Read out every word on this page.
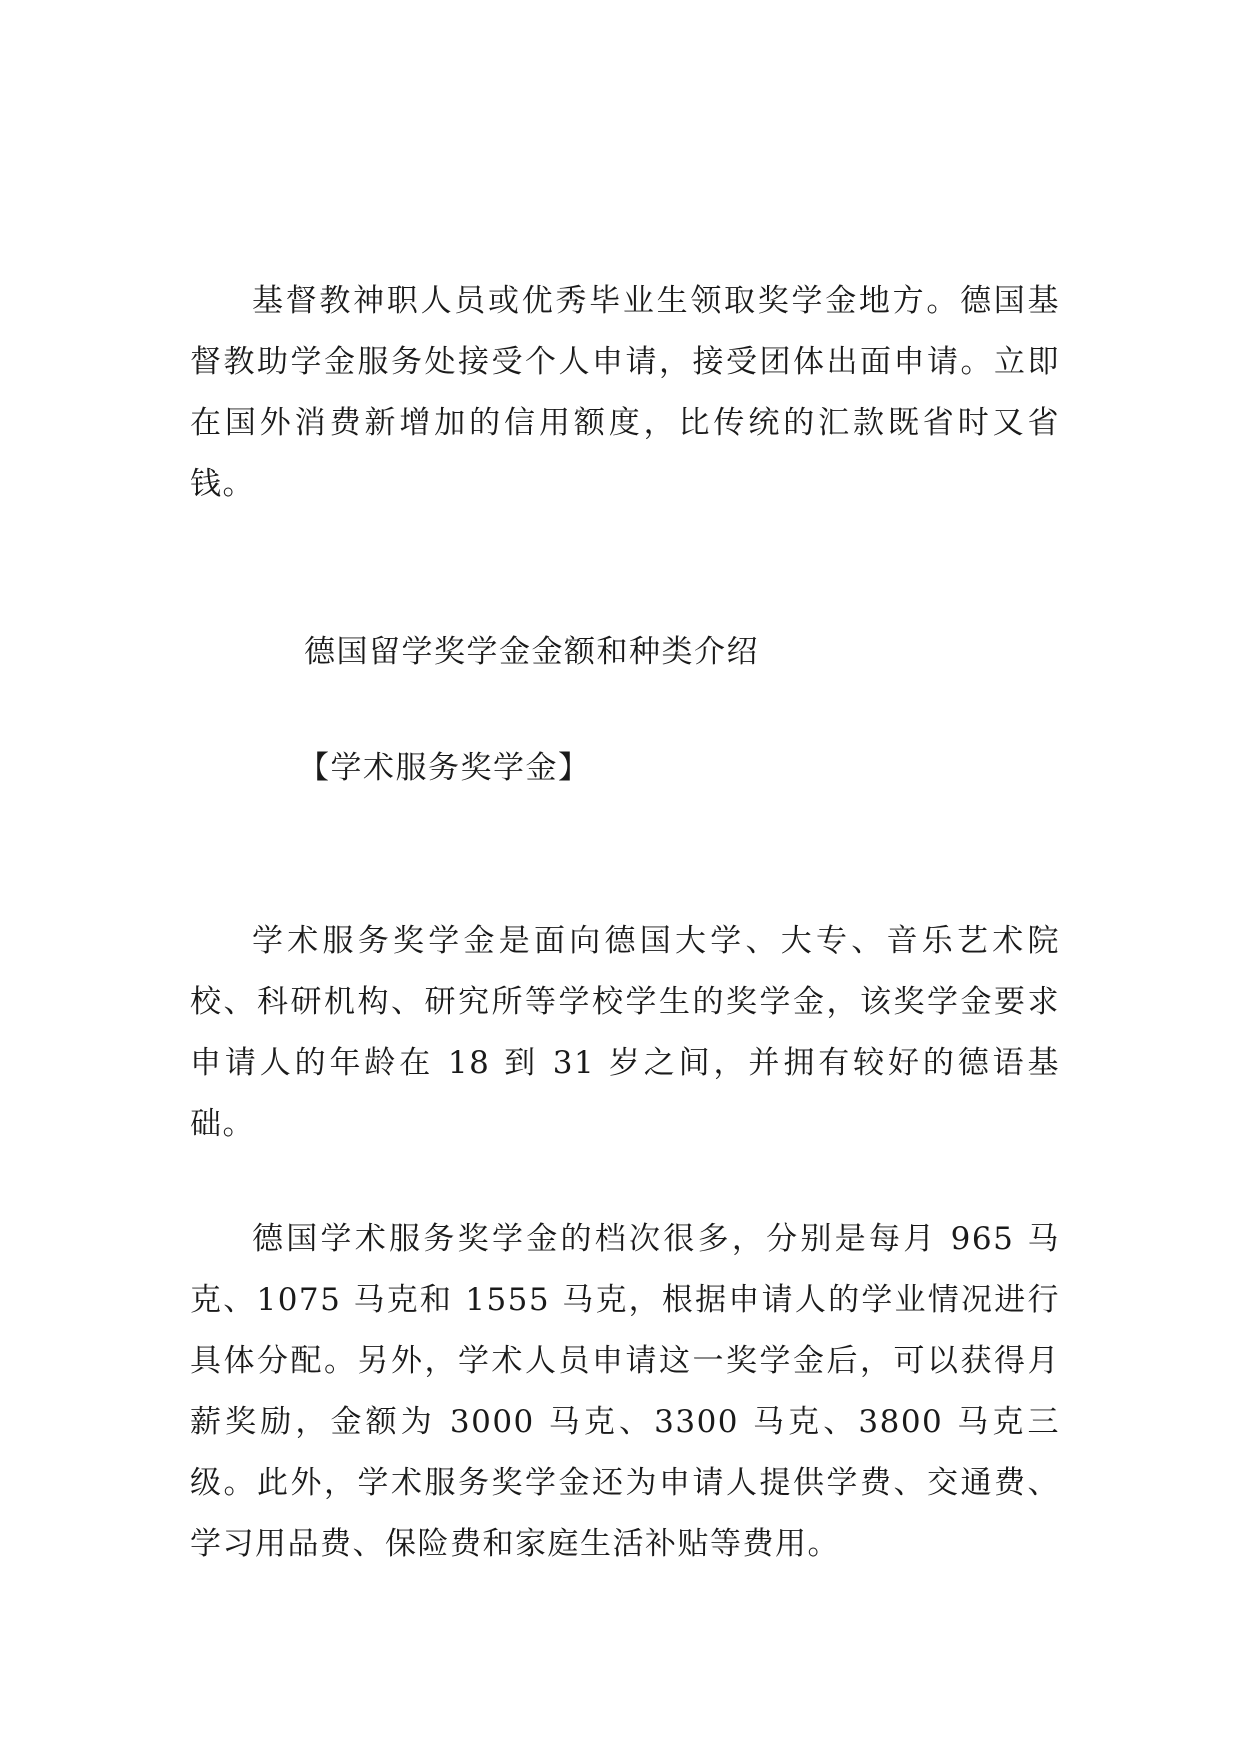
基督教神职人员或优秀毕业生领取奖学金地方。德国基督教助学金服务处接受个人申请，接受团体出面申请。立即在国外消费新增加的信用额度，比传统的汇款既省时又省钱。

德国留学奖学金金额和种类介绍
【学术服务奖学金】

学术服务奖学金是面向德国大学、大专、音乐艺术院校、科研机构、研究所等学校学生的奖学金，该奖学金要求申请人的年龄在 18 到 31 岁之间，并拥有较好的德语基础。

德国学术服务奖学金的档次很多，分别是每月 965 马克、1075 马克和 1555 马克，根据申请人的学业情况进行具体分配。另外，学术人员申请这一奖学金后，可以获得月薪奖励，金额为 3000 马克、3300 马克、3800 马克三级。此外，学术服务奖学金还为申请人提供学费、交通费、学习用品费、保险费和家庭生活补贴等费用。
